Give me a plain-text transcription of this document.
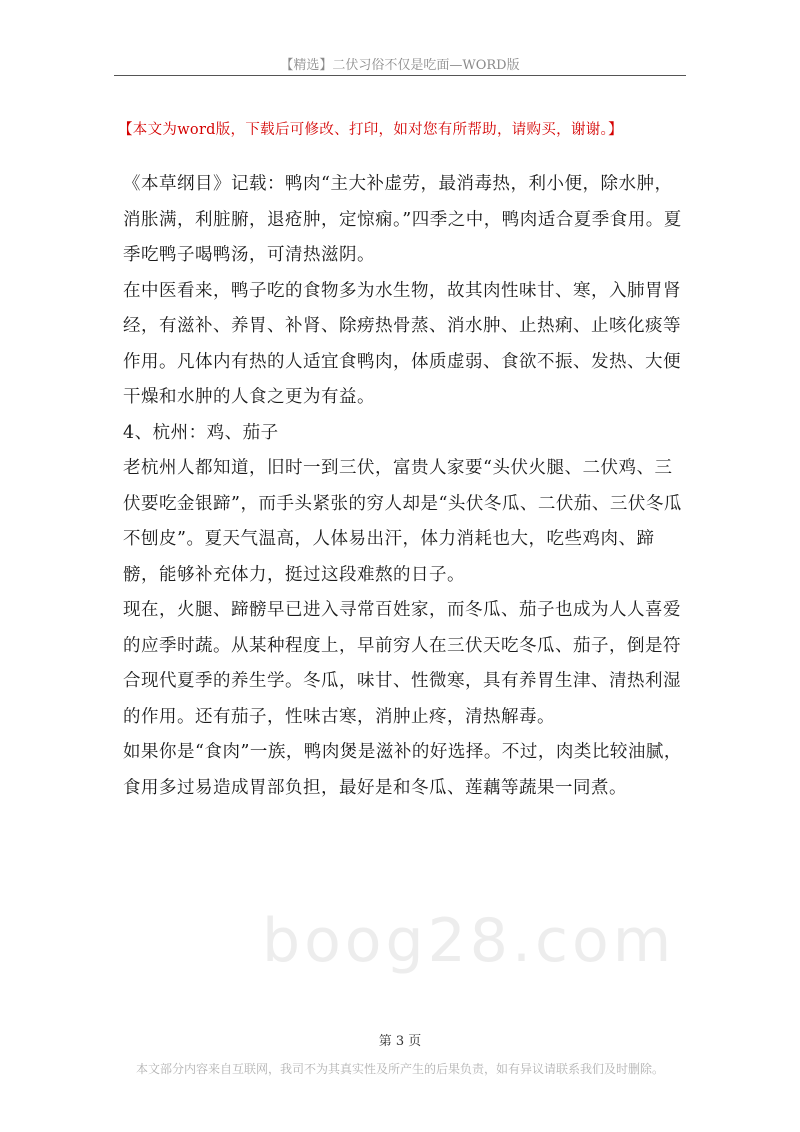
【精选】二伏习俗不仅是吃面—WORD版
【本文为word版，下载后可修改、打印，如对您有所帮助，请购买，谢谢。】

《本草纲目》记载：鸭肉“主大补虚劳，最消毒热，利小便，除水肿，消胀满，利脏腑，退疮肿，定惊痫。”四季之中，鸭肉适合夏季食用。夏季吃鸭子喝鸭汤，可清热滋阴。

在中医看来，鸭子吃的食物多为水生物，故其肉性味甘、寒，入肺胃肾经，有滋补、养胃、补肾、除痨热骨蒸、消水肿、止热痢、止咳化痰等作用。凡体内有热的人适宜食鸭肉，体质虚弱、食欲不振、发热、大便干燥和水肿的人食之更为有益。

4、杭州：鸡、茄子

老杭州人都知道，旧时一到三伏，富贵人家要“头伏火腿、二伏鸡、三伏要吃金银蹄”，而手头紧张的穷人却是“头伏冬瓜、二伏茄、三伏冬瓜不刨皮”。夏天气温高，人体易出汗，体力消耗也大，吃些鸡肉、蹄髈，能够补充体力，挺过这段难熬的日子。

现在，火腿、蹄髈早已进入寻常百姓家，而冬瓜、茄子也成为人人喜爱的应季时蔬。从某种程度上，早前穷人在三伏天吃冬瓜、茄子，倒是符合现代夏季的养生学。冬瓜，味甘、性微寒，具有养胃生津、清热利湿的作用。还有茄子，性味古寒，消肿止疼，清热解毒。

如果你是“食肉”一族，鸭肉煲是滋补的好选择。不过，肉类比较油腻，食用多过易造成胃部负担，最好是和冬瓜、莲藕等蔬果一同煮。

boog28.com
第 3 页
本文部分内容来自互联网，我司不为其真实性及所产生的后果负责，如有异议请联系我们及时删除。
